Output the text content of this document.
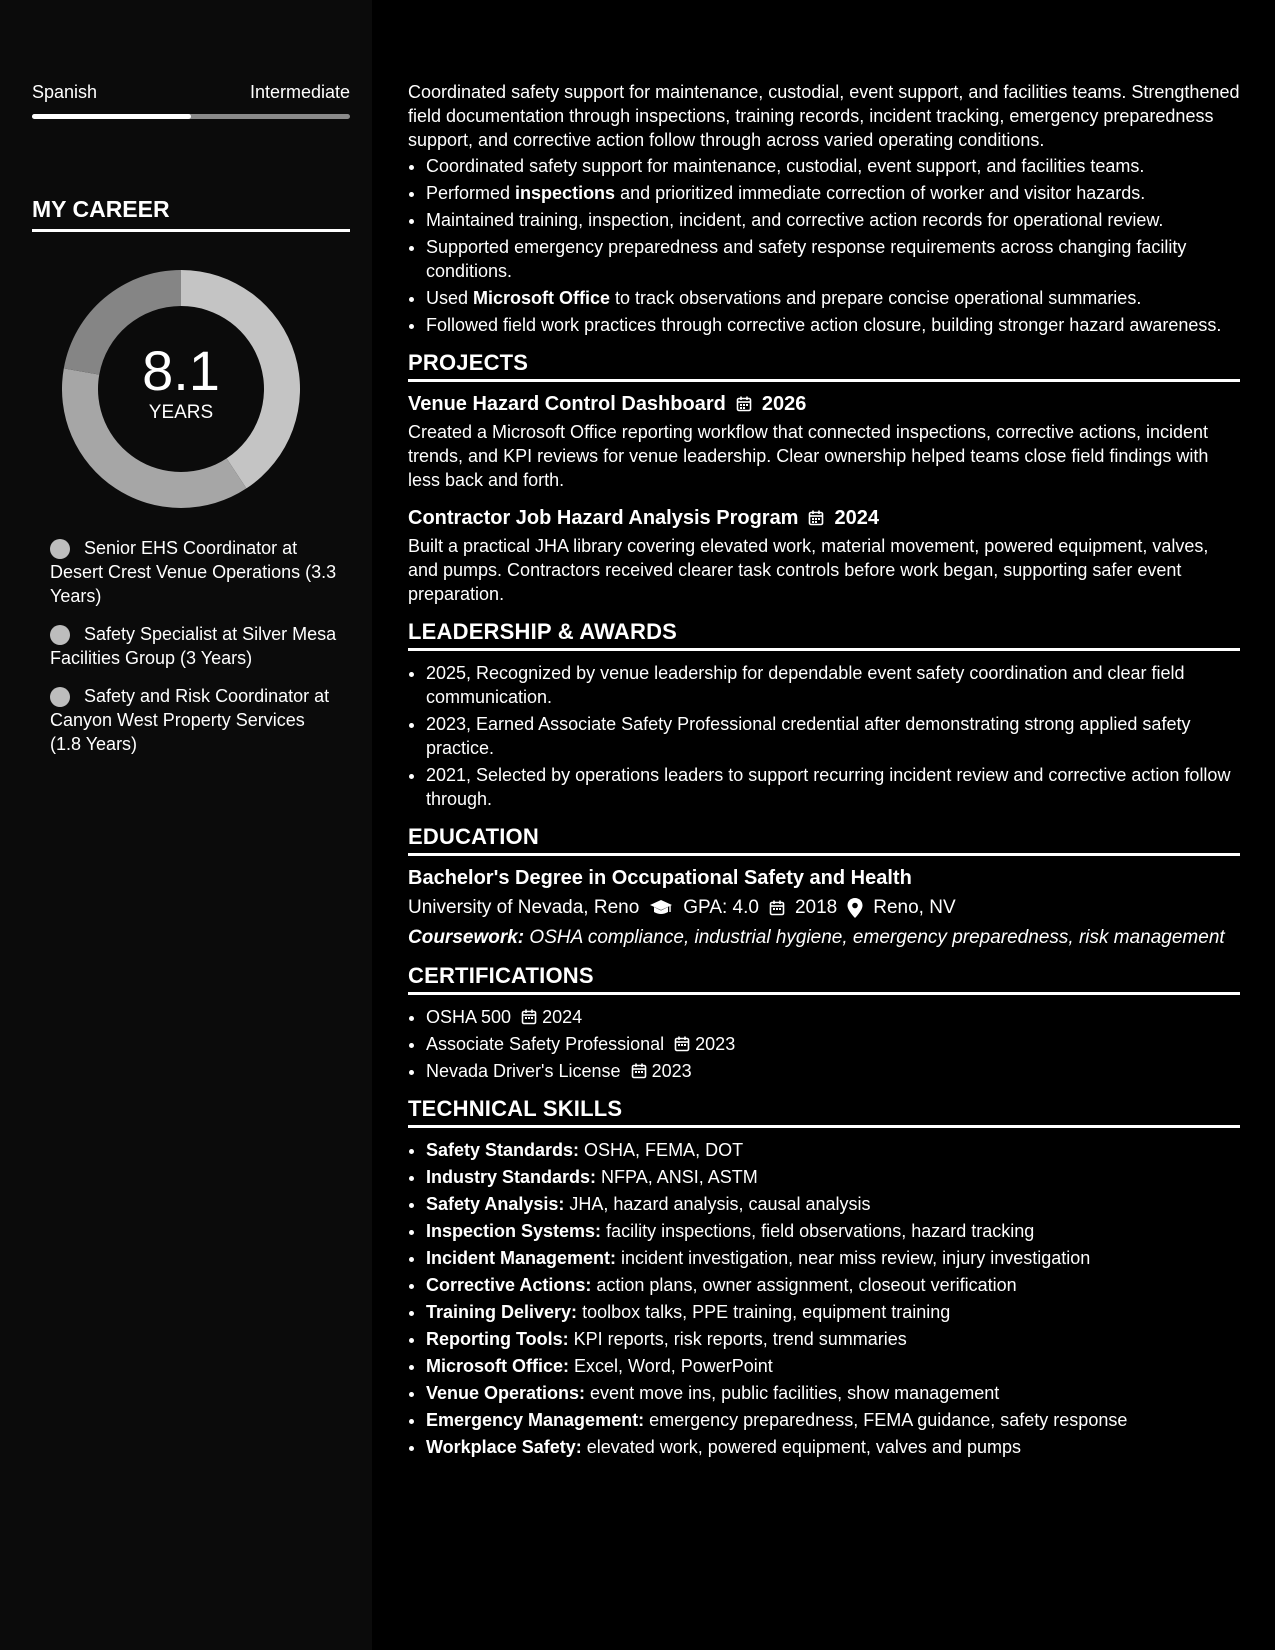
Spanish	Intermediate
MY CAREER
8.1
YEARS
Senior EHS Coordinator at Desert Crest Venue Operations (3.3 Years)
Safety Specialist at Silver Mesa Facilities Group (3 Years)
Safety and Risk Coordinator at Canyon West Property Services (1.8 Years)

Coordinated safety support for maintenance, custodial, event support, and facilities teams. Strengthened field documentation through inspections, training records, incident tracking, emergency preparedness support, and corrective action follow through across varied operating conditions.

• Coordinated safety support for maintenance, custodial, event support, and facilities teams.
• Performed inspections and prioritized immediate correction of worker and visitor hazards.
• Maintained training, inspection, incident, and corrective action records for operational review.
• Supported emergency preparedness and safety response requirements across changing facility conditions.
• Used Microsoft Office to track observations and prepare concise operational summaries.
• Followed field work practices through corrective action closure, building stronger hazard awareness.
PROJECTS
Venue Hazard Control Dashboard 2026

Created a Microsoft Office reporting workflow that connected inspections, corrective actions, incident trends, and KPI reviews for venue leadership. Clear ownership helped teams close field findings with less back and forth.

Contractor Job Hazard Analysis Program 2024

Built a practical JHA library covering elevated work, material movement, powered equipment, valves, and pumps. Contractors received clearer task controls before work began, supporting safer event preparation.

LEADERSHIP & AWARDS
• 2025, Recognized by venue leadership for dependable event safety coordination and clear field communication.
• 2023, Earned Associate Safety Professional credential after demonstrating strong applied safety practice.
• 2021, Selected by operations leaders to support recurring incident review and corrective action follow through.
EDUCATION
Bachelor's Degree in Occupational Safety and Health
University of Nevada, Reno GPA: 4.0 2018 Reno, NV

Coursework: OSHA compliance, industrial hygiene, emergency preparedness, risk management

CERTIFICATIONS
• OSHA 500 2024
• Associate Safety Professional 2023
• Nevada Driver's License 2023
TECHNICAL SKILLS
• Safety Standards: OSHA, FEMA, DOT
• Industry Standards: NFPA, ANSI, ASTM
• Safety Analysis: JHA, hazard analysis, causal analysis
• Inspection Systems: facility inspections, field observations, hazard tracking
• Incident Management: incident investigation, near miss review, injury investigation
• Corrective Actions: action plans, owner assignment, closeout verification
• Training Delivery: toolbox talks, PPE training, equipment training
• Reporting Tools: KPI reports, risk reports, trend summaries
• Microsoft Office: Excel, Word, PowerPoint
• Venue Operations: event move ins, public facilities, show management
• Emergency Management: emergency preparedness, FEMA guidance, safety response
• Workplace Safety: elevated work, powered equipment, valves and pumps
